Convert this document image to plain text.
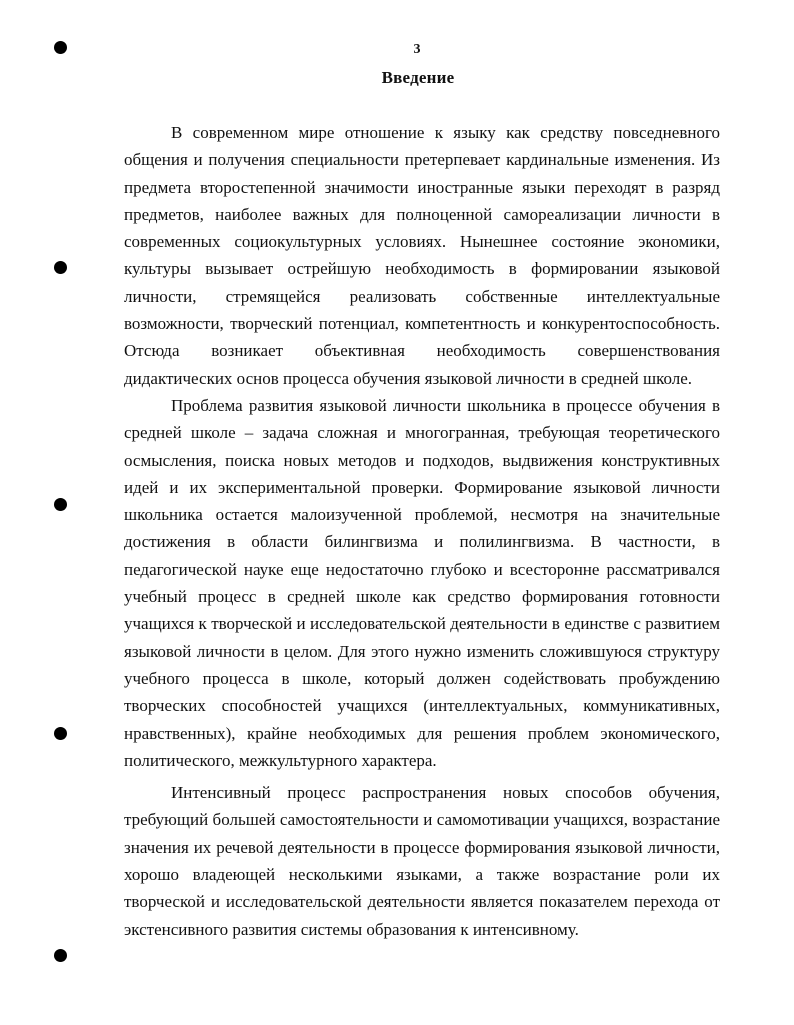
3
Введение

В современном мире отношение к языку как средству повседневного общения и получения специальности претерпевает кардинальные изменения. Из предмета второстепенной значимости иностранные языки переходят в разряд предметов, наиболее важных для полноценной самореализации личности в современных социокультурных условиях. Нынешнее состояние экономики, культуры вызывает острейшую необходимость в формировании языковой личности, стремящейся реализовать собственные интеллектуальные возможности, творческий потенциал, компетентность и конкурентоспособность. Отсюда возникает объективная необходимость совершенствования дидактических основ процесса обучения языковой личности в средней школе.

Проблема развития языковой личности школьника в процессе обучения в средней школе – задача сложная и многогранная, требующая теоретического осмысления, поиска новых методов и подходов, выдвижения конструктивных идей и их экспериментальной проверки. Формирование языковой личности школьника остается малоизученной проблемой, несмотря на значительные достижения в области билингвизма и полилингвизма. В частности, в педагогической науке еще недостаточно глубоко и всесторонне рассматривался учебный процесс в средней школе как средство формирования готовности учащихся к творческой и исследовательской деятельности в единстве с развитием языковой личности в целом. Для этого нужно изменить сложившуюся структуру учебного процесса в школе, который должен содействовать пробуждению творческих способностей учащихся (интеллектуальных, коммуникативных, нравственных), крайне необходимых для решения проблем экономического, политического, межкультурного характера.

Интенсивный процесс распространения новых способов обучения, требующий большей самостоятельности и самомотивации учащихся, возрастание значения их речевой деятельности в процессе формирования языковой личности, хорошо владеющей несколькими языками, а также возрастание роли их творческой и исследовательской деятельности является показателем перехода от экстенсивного развития системы образования к интенсивному.
